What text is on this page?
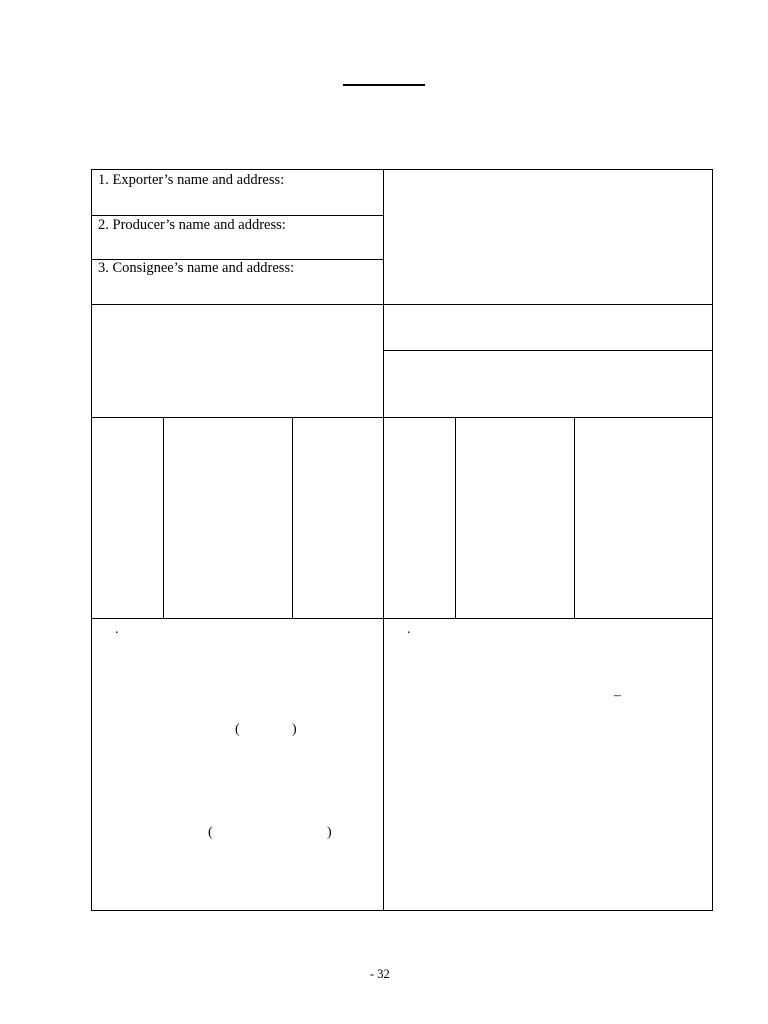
1. Exporter’s name and address:
2. Producer’s name and address:
3. Consignee’s name and address:
.
(	)
(	)
.
–
- 32
